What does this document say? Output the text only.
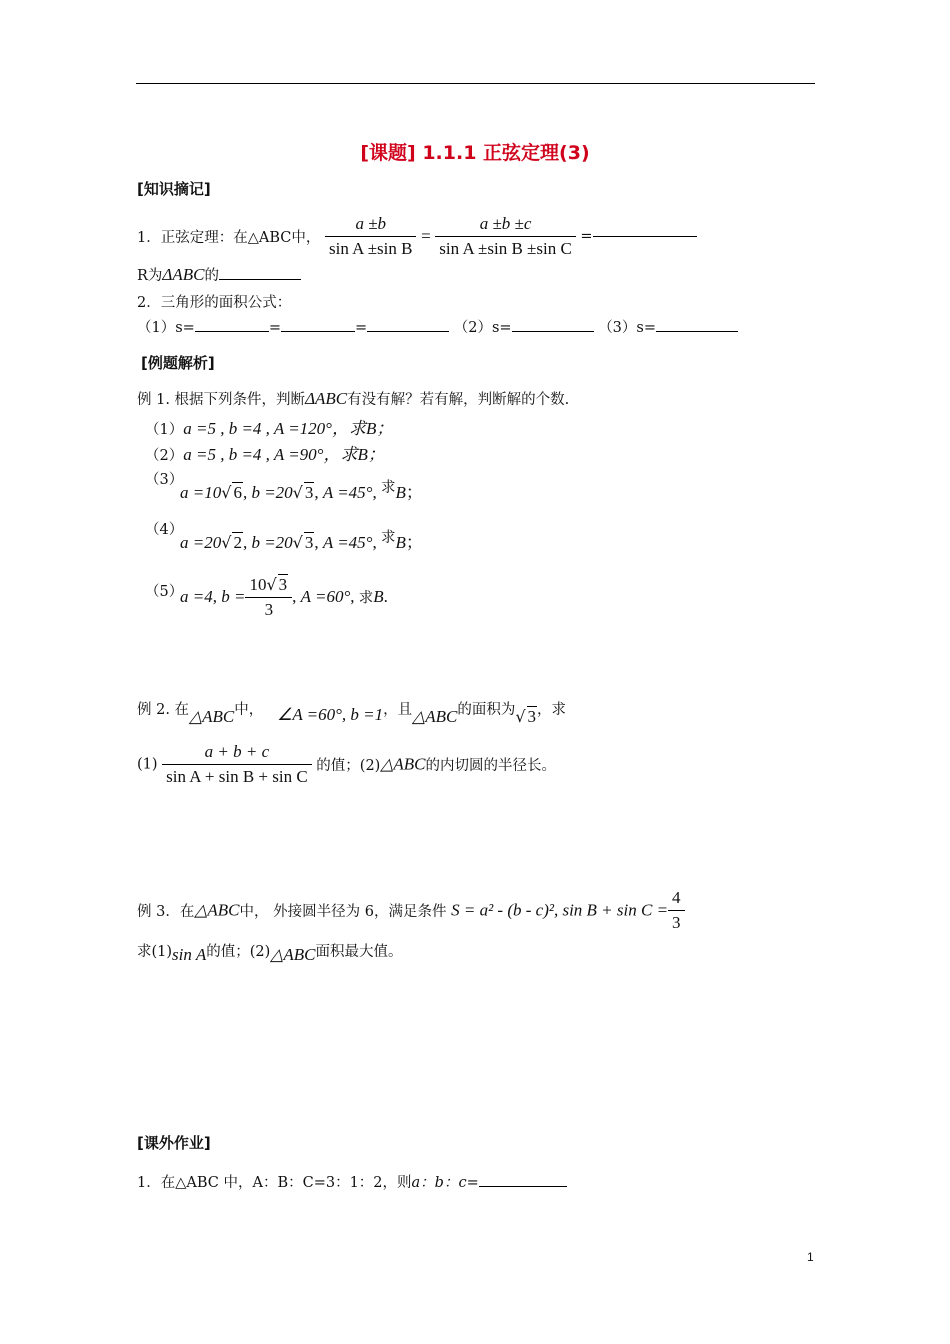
[课题] 1.1.1 正弦定理(3)
[知识摘记]
1．正弦定理：在△ABC中， $\frac{a \pm b}{\text{sin A ±sin B}} = \frac{a \pm b \pm c}{\text{sin A ±sin B ±sin C}}$ =
R为ΔABC的
2．三角形的面积公式：
（1）s=	=	=	（2）s=	（3）s=
[例题解析]
例 1. 根据下列条件，判断ΔABC有没有解？若有解，判断解的个数.
（1）a =5 , b =4 , A =120°，求B；
（2）a =5 , b =4 , A =90°，求B；
（3）
a =10√ 6, b =20√ 3, A =45°, 求B；
（4）
a =20√ 2, b =20√ 3, A =45°, 求B；
（5）
a =4, $b = \frac{10√ 3}{3}$ , A =60°, 求B.
例 2. 在△ABC中， ∠A =60°, b =1，且△ABC的面积为√ 3，求
$(1) \frac{a + b + c}{\text{sin A + sin B + sin C}}$ 的值；(2)△ABC的内切圆的半径长。
例 3．在△ABC中， 外接圆半径为 6，满足条件 S = a² - (b - c)², $\sin B + \sin C = \frac{4}{3}$
求(1)sin A的值；(2)△ABC面积最大值。
[课外作业]
1．在△ABC 中，A：B：C=3：1：2，则a：b：c=
1
